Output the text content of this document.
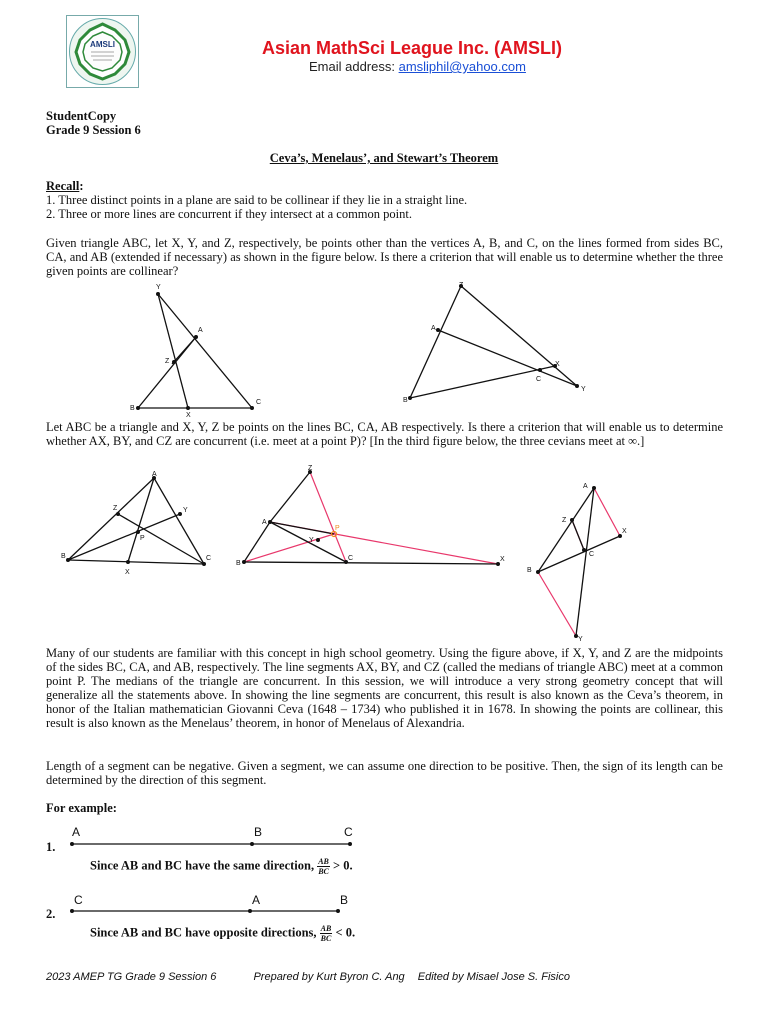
AMSLI	Asian MathSci League Inc. (AMSLI)
Email address: amsliphil@yahoo.com
StudentCopy
Grade 9 Session 6
Ceva’s, Menelaus’, and Stewart’s Theorem
Recall:
1. Three distinct points in a plane are said to be collinear if they lie in a straight line.
2. Three or more lines are concurrent if they intersect at a common point.
Given triangle ABC, let X, Y, and Z, respectively, be points other than the vertices A, B, and C, on the lines formed from sides BC, CA, and AB (extended if necessary) as shown in the figure below. Is there a criterion that will enable us to determine whether the three given points are collinear?
Y
A
Z
B
X
C
Z
A
X
C
B
Y
Let ABC be a triangle and X, Y, Z be points on the lines BC, CA, AB respectively. Is there a criterion that will enable us to determine whether AX, BY, and CZ are concurrent (i.e. meet at a point P)? [In the third figure below, the three cevians meet at ∞.]
A
Z	Y
P
B
X
C
Z
A
P
Y
B
C	X
A
Z
X
C
B
Y
Many of our students are familiar with this concept in high school geometry. Using the figure above, if X, Y, and Z are the midpoints of the sides BC, CA, and AB, respectively. The line segments AX, BY, and CZ (called the medians of triangle ABC) meet at a common point P. The medians of the triangle are concurrent. In this session, we will introduce a very strong geometry concept that will generalize all the statements above. In showing the line segments are concurrent, this result is also known as the Ceva’s theorem, in honor of the Italian mathematician Giovanni Ceva (1648 – 1734) who published it in 1678. In showing the points are collinear, this result is also known as the Menelaus’ theorem, in honor of Menelaus of Alexandria.
Length of a segment can be negative. Given a segment, we can assume one direction to be positive. Then, the sign of its length can be determined by the direction of this segment.
For example:
1.
A	B	C
Since AB and BC have the same direction, $\frac{AB}{BC} > 0$.
2.
C	A	B
Since AB and BC have opposite directions, $\frac{AB}{BC} < 0$.
2023 AMEP TG Grade 9 Session 6	Prepared by Kurt Byron C. Ang Edited by Misael Jose S. Fisico
